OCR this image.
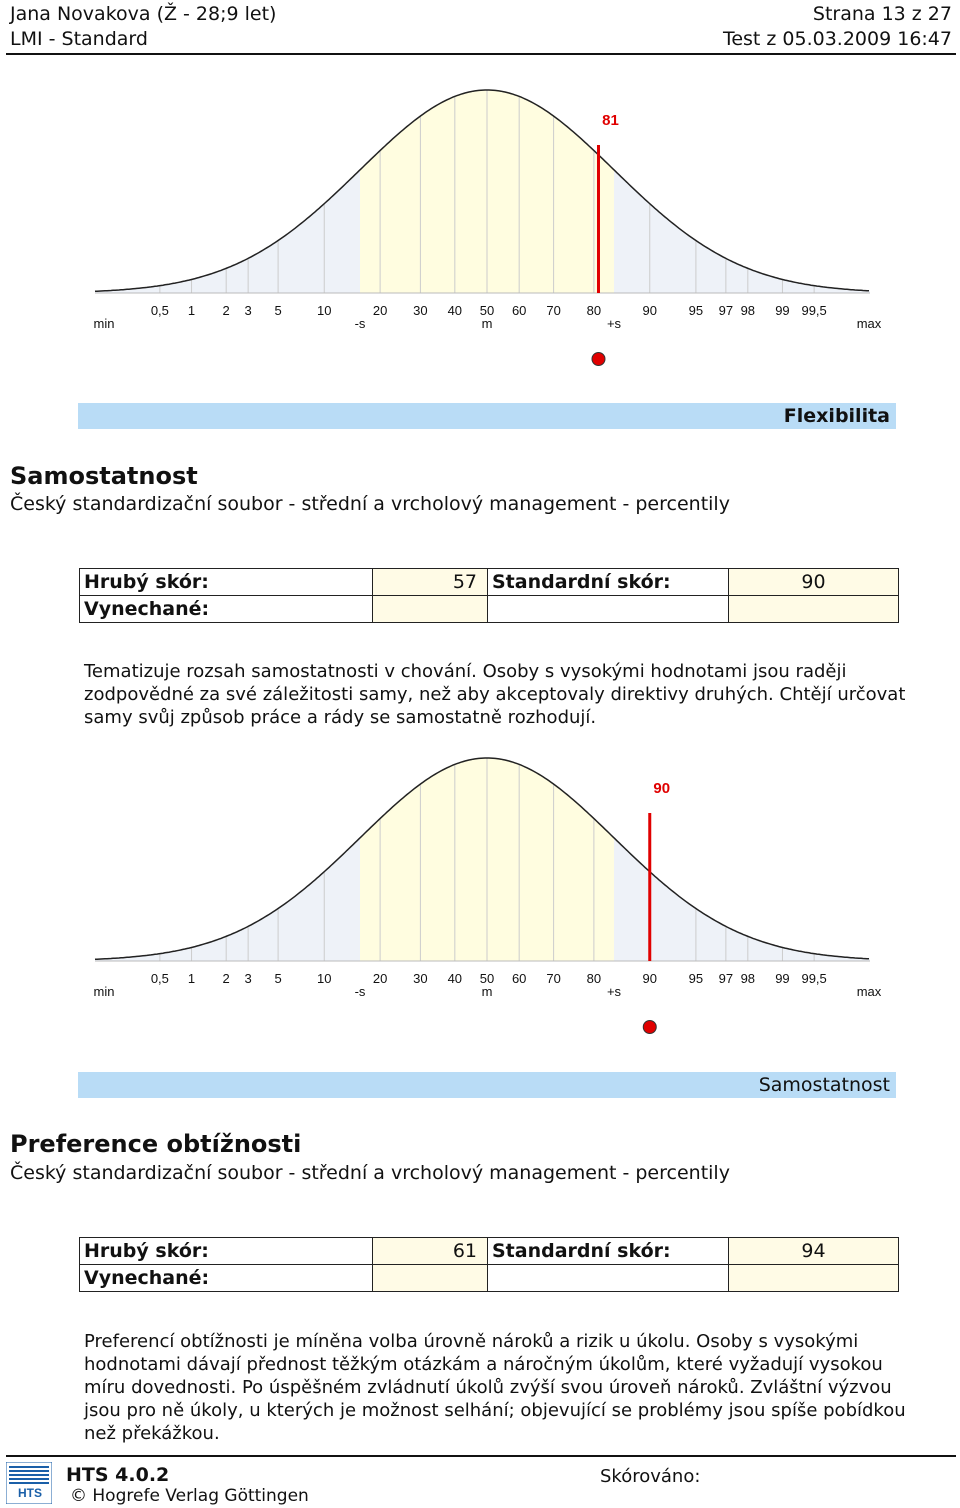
Jana Novakova (Ž - 28;9 let)	Strana 13 z 27
LMI - Standard	Test z 05.03.2009 16:47
0,5 1 2 3 5	10	20 30 40 50 60 70 80	90 95 97 98 99 99,5
min	-s	m	+s	max
81
Flexibilita
Samostatnost
Český standardizační soubor - střední a vrcholový management - percentily
Hrubý skór:	57	Standardní skór:	90
Vynechané:			
Tematizuje rozsah samostatnosti v chování. Osoby s vysokými hodnotami jsou raději zodpovědné za své záležitosti samy, než aby akceptovaly direktivy druhých. Chtějí určovat samy svůj způsob práce a rády se samostatně rozhodují.
0,5 1 2 3 5	10	20 30 40 50 60 70 80	90 95 97 98 99 99,5
min	-s	m	+s	max
90
Samostatnost
Preference obtížnosti
Český standardizační soubor - střední a vrcholový management - percentily
Hrubý skór:	61	Standardní skór:	94
Vynechané:			
Preferencí obtížnosti je míněna volba úrovně nároků a rizik u úkolu. Osoby s vysokými hodnotami dávají přednost těžkým otázkám a náročným úkolům, které vyžadují vysokou míru dovednosti. Po úspěšném zvládnutí úkolů zvýší svou úroveň nároků. Zvláštní výzvou jsou pro ně úkoly, u kterých je možnost selhání; objevující se problémy jsou spíše pobídkou než překážkou.
HTS
HTS 4.0.2
© Hogrefe Verlag Göttingen
Skórováno:
